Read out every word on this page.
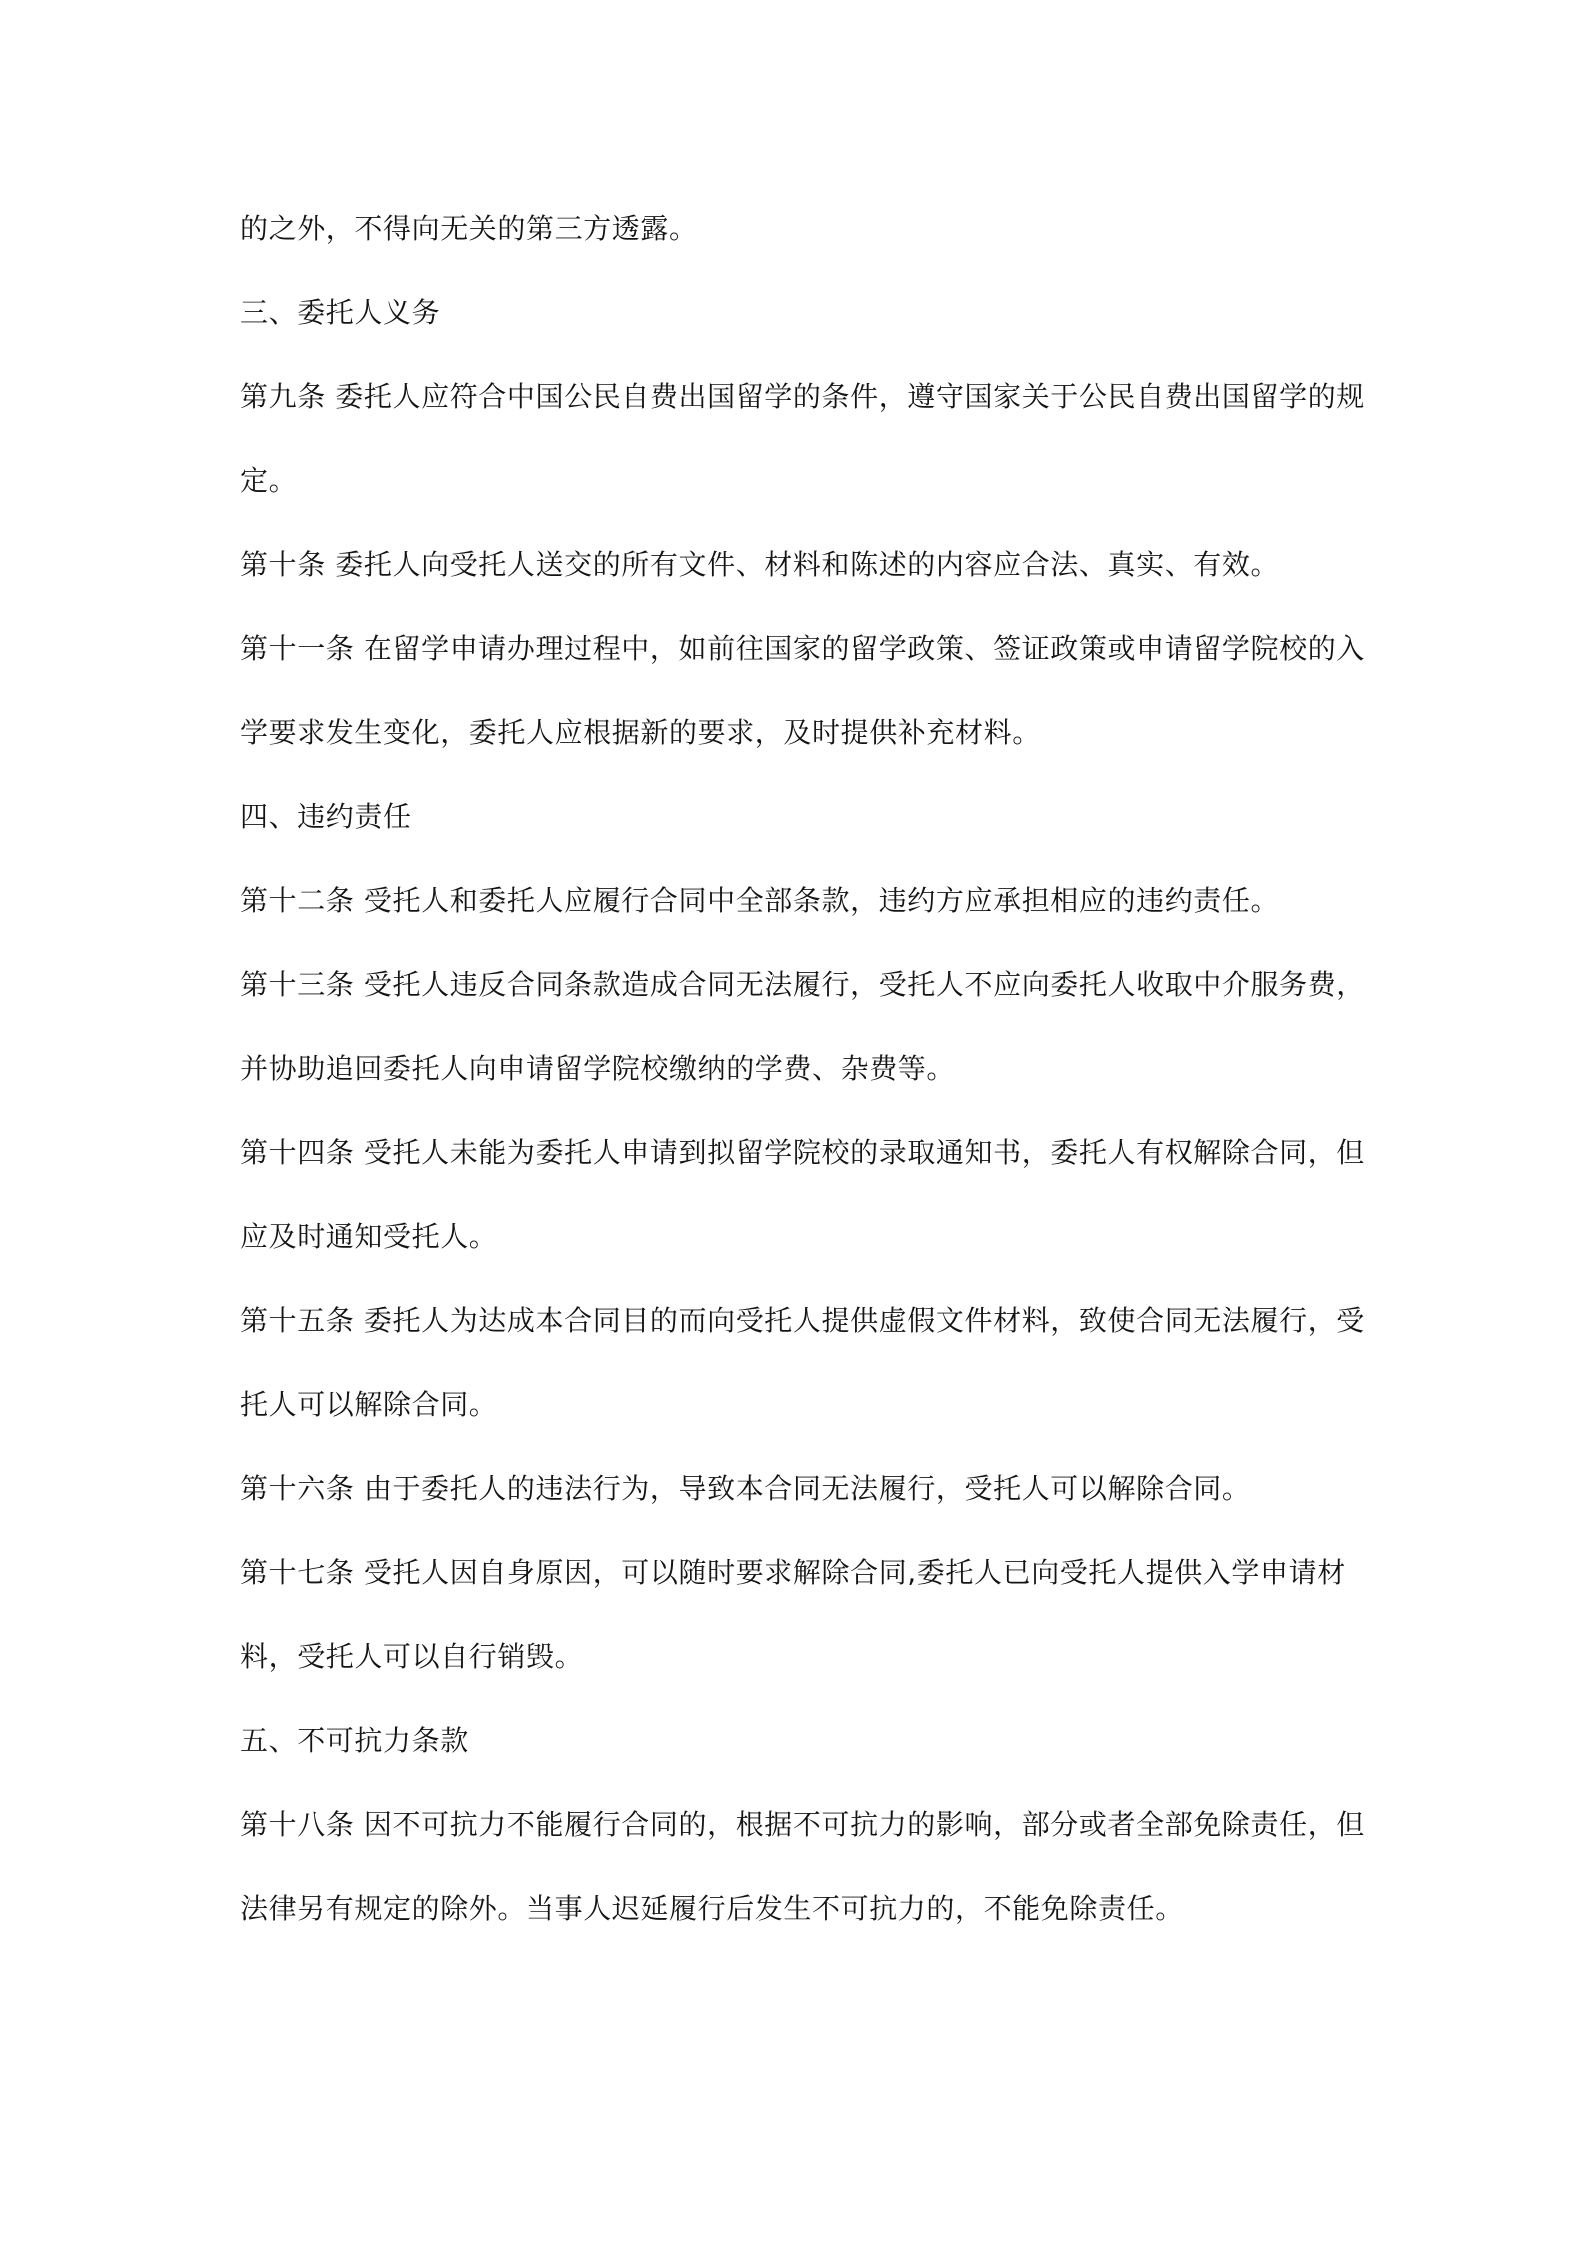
的之外，不得向无关的第三方透露。

三、委托人义务

第九条 委托人应符合中国公民自费出国留学的条件，遵守国家关于公民自费出国留学的规

定。

第十条 委托人向受托人送交的所有文件、材料和陈述的内容应合法、真实、有效。

第十一条 在留学申请办理过程中，如前往国家的留学政策、签证政策或申请留学院校的入

学要求发生变化，委托人应根据新的要求，及时提供补充材料。

四、违约责任

第十二条 受托人和委托人应履行合同中全部条款，违约方应承担相应的违约责任。

第十三条 受托人违反合同条款造成合同无法履行，受托人不应向委托人收取中介服务费，

并协助追回委托人向申请留学院校缴纳的学费、杂费等。

第十四条 受托人未能为委托人申请到拟留学院校的录取通知书，委托人有权解除合同，但

应及时通知受托人。

第十五条 委托人为达成本合同目的而向受托人提供虚假文件材料，致使合同无法履行，受

托人可以解除合同。

第十六条 由于委托人的违法行为，导致本合同无法履行，受托人可以解除合同。

第十七条 受托人因自身原因，可以随时要求解除合同,委托人已向受托人提供入学申请材

料，受托人可以自行销毁。

五、不可抗力条款

第十八条 因不可抗力不能履行合同的，根据不可抗力的影响，部分或者全部免除责任，但

法律另有规定的除外。当事人迟延履行后发生不可抗力的，不能免除责任。
